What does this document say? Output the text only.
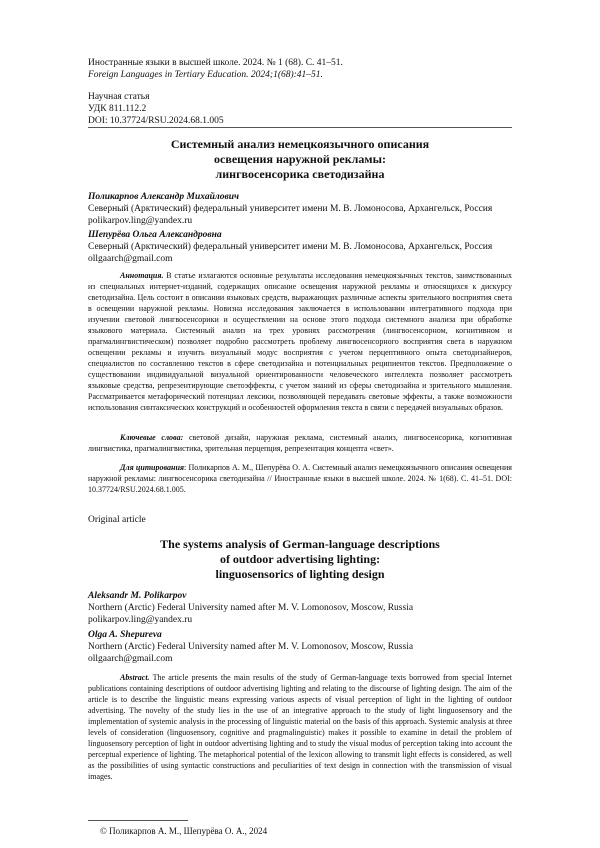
Иностранные языки в высшей школе. 2024. № 1 (68). С. 41–51.
Foreign Languages in Tertiary Education. 2024;1(68):41–51.
Научная статья
УДК 811.112.2
DOI: 10.37724/RSU.2024.68.1.005
Системный анализ немецкоязычного описания
освещения наружной рекламы:
лингвосенсорика светодизайна
Поликарпов Александр Михайлович
Северный (Арктический) федеральный университет имени М. В. Ломоносова, Архангельск, Россия
polikarpov.ling@yandex.ru
Шепурёва Ольга Александровна
Северный (Арктический) федеральный университет имени М. В. Ломоносова, Архангельск, Россия
ollgaarch@gmail.com
Аннотация. В статье излагаются основные результаты исследования немецкоязычных текстов, заимствованных из специальных интернет-изданий, содержащих описание освещения наружной рекламы и относящихся к дискурсу светодизайна. Цель состоит в описании языковых средств, выражающих различные аспекты зрительного восприятия света в освещении наружной рекламы. Новизна исследования заключается в использовании интегративного подхода при изучении световой лингвосенсорики и осуществлении на основе этого подхода системного анализа при обработке языкового материала. Системный анализ на трех уровнях рассмотрения (лингвосенсорном, когнитивном и прагмалингвистическом) позволяет подробно рассмотреть проблему лингвосенсорного восприятия света в наружном освещении рекламы и изучить визуальный модус восприятия с учетом перцептивного опыта светодизайнеров, специалистов по составлению текстов в сфере светодизайна и потенциальных реципиентов текстов. Предположение о существовании индивидуальной визуальной ориентированности человеческого интеллекта позволяет рассмотреть языковые средства, репрезентирующие светоэффекты, с учетом знаний из сферы светодизайна и зрительного мышления. Рассматривается метафорический потенциал лексики, позволяющей передавать световые эффекты, а также возможности использования синтаксических конструкций и особенностей оформления текста в связи с передачей визуальных образов.
Ключевые слова: световой дизайн, наружная реклама, системный анализ, лингвосенсорика, когнитивная лингвистика, прагмалингвистика, зрительная перцепция, репрезентация концепта «свет».
Для цитирования: Поликарпов А. М., Шепурёва О. А. Системный анализ немецкоязычного описания освещения наружной рекламы: лингвосенсорика светодизайна // Иностранные языки в высшей школе. 2024. № 1(68). С. 41–51. DOI: 10.37724/RSU.2024.68.1.005.
Original article
The systems analysis of German-language descriptions
of outdoor advertising lighting:
linguosensorics of lighting design
Aleksandr M. Polikarpov
Northern (Arctic) Federal University named after M. V. Lomonosov, Moscow, Russia
polikarpov.ling@yandex.ru
Olga A. Shepureva
Northern (Arctic) Federal University named after M. V. Lomonosov, Moscow, Russia
ollgaarch@gmail.com
Abstract. The article presents the main results of the study of German-language texts borrowed from special Internet publications containing descriptions of outdoor advertising lighting and relating to the discourse of lighting design. The aim of the article is to describe the linguistic means expressing various aspects of visual perception of light in the lighting of outdoor advertising. The novelty of the study lies in the use of an integrative approach to the study of light linguosensory and the implementation of systemic analysis in the processing of linguistic material on the basis of this approach. Systemic analysis at three levels of consideration (linguosensory, cognitive and pragmalinguistic) makes it possible to examine in detail the problem of linguosensory perception of light in outdoor advertising lighting and to study the visual modus of perception taking into account the perceptual experience of lighting. The metaphorical potential of the lexicon allowing to transmit light effects is considered, as well as the possibilities of using syntactic constructions and peculiarities of text design in connection with the transmission of visual images.
© Поликарпов А. М., Шепурёва О. А., 2024
